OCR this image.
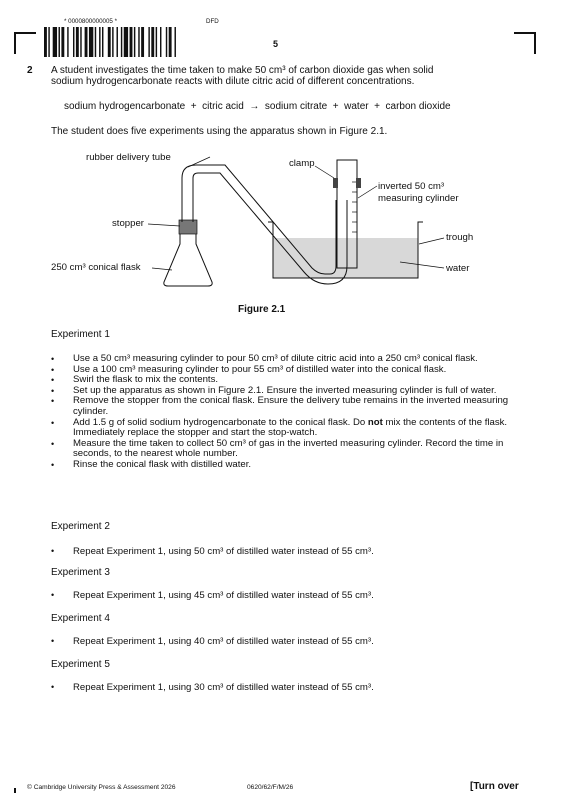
* 0000800000005 *	DFD
5
2 A student investigates the time taken to make 50 cm³ of carbon dioxide gas when solid
sodium hydrogencarbonate reacts with dilute citric acid of different concentrations.
sodium hydrogencarbonate  +  citric acid  →  sodium citrate  +  water  +  carbon dioxide
The student does five experiments using the apparatus shown in Figure 2.1.
rubber delivery tube
clamp
inverted 50 cm³
measuring cylinder
stopper
trough
250 cm³ conical flask	water
Figure 2.1
Experiment 1
• Use a 50 cm³ measuring cylinder to pour 50 cm³ of dilute citric acid into a 250 cm³ conical flask.
• Use a 100 cm³ measuring cylinder to pour 55 cm³ of distilled water into the conical flask.
• Swirl the flask to mix the contents.
• Set up the apparatus as shown in Figure 2.1. Ensure the inverted measuring cylinder is full of water.
• Remove the stopper from the conical flask. Ensure the delivery tube remains in the inverted measuring cylinder.
• Add 1.5 g of solid sodium hydrogencarbonate to the conical flask. Do not mix the contents of the flask. Immediately replace the stopper and start the stop-watch.
• Measure the time taken to collect 50 cm³ of gas in the inverted measuring cylinder. Record the time in seconds, to the nearest whole number.
• Rinse the conical flask with distilled water.
Experiment 2
• Repeat Experiment 1, using 50 cm³ of distilled water instead of 55 cm³.
Experiment 3
• Repeat Experiment 1, using 45 cm³ of distilled water instead of 55 cm³.
Experiment 4
• Repeat Experiment 1, using 40 cm³ of distilled water instead of 55 cm³.
Experiment 5
• Repeat Experiment 1, using 30 cm³ of distilled water instead of 55 cm³.
© Cambridge University Press & Assessment 2026	0620/62/F/M/26	[Turn over
